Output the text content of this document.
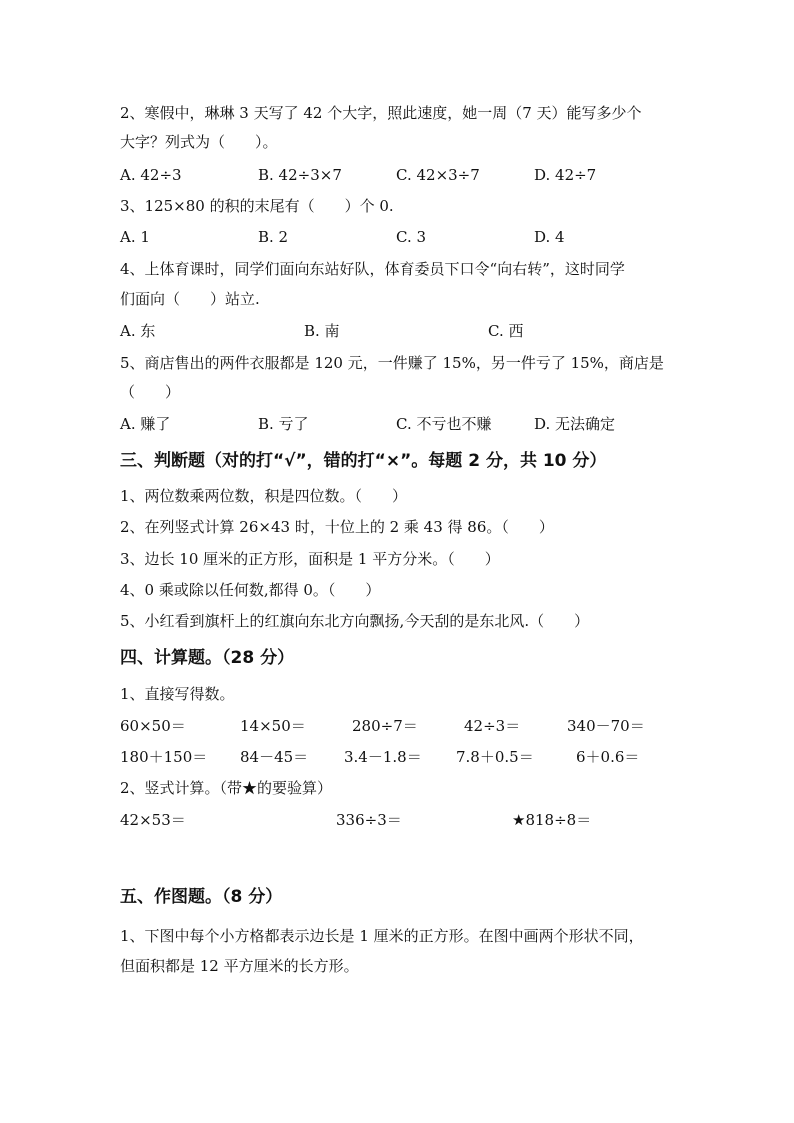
2、寒假中，琳琳 3 天写了 42 个大字，照此速度，她一周（7 天）能写多少个
大字？列式为（　　）。
A. 42÷3	B. 42÷3×7	C. 42×3÷7	D. 42÷7
3、125×80 的积的末尾有（　　）个 0.
A. 1	B. 2	C. 3	D. 4
4、上体育课时，同学们面向东站好队，体育委员下口令“向右转”，这时同学
们面向（　　）站立.
A. 东	B. 南	C. 西
5、商店售出的两件衣服都是 120 元，一件赚了 15%，另一件亏了 15%，商店是
（　　）
A. 赚了	B. 亏了	C. 不亏也不赚	D. 无法确定
三、判断题（对的打“√”，错的打“×”。每题 2 分，共 10 分）
1、两位数乘两位数，积是四位数。（　　）
2、在列竖式计算 26×43 时，十位上的 2 乘 43 得 86。（　　）
3、边长 10 厘米的正方形，面积是 1 平方分米。（　　）
4、0 乘或除以任何数,都得 0。（　　）
5、小红看到旗杆上的红旗向东北方向飘扬,今天刮的是东北风.（　　）
四、计算题。（28 分）
1、直接写得数。
60×50＝	14×50＝	280÷7＝	42÷3＝	340－70＝
180＋150＝ 84－45＝ 3.4－1.8＝ 7.8＋0.5＝	6＋0.6＝
2、竖式计算。（带★的要验算）
42×53＝	336÷3＝	★818÷8＝
五、作图题。（8 分）
1、下图中每个小方格都表示边长是 1 厘米的正方形。在图中画两个形状不同，
但面积都是 12 平方厘米的长方形。
